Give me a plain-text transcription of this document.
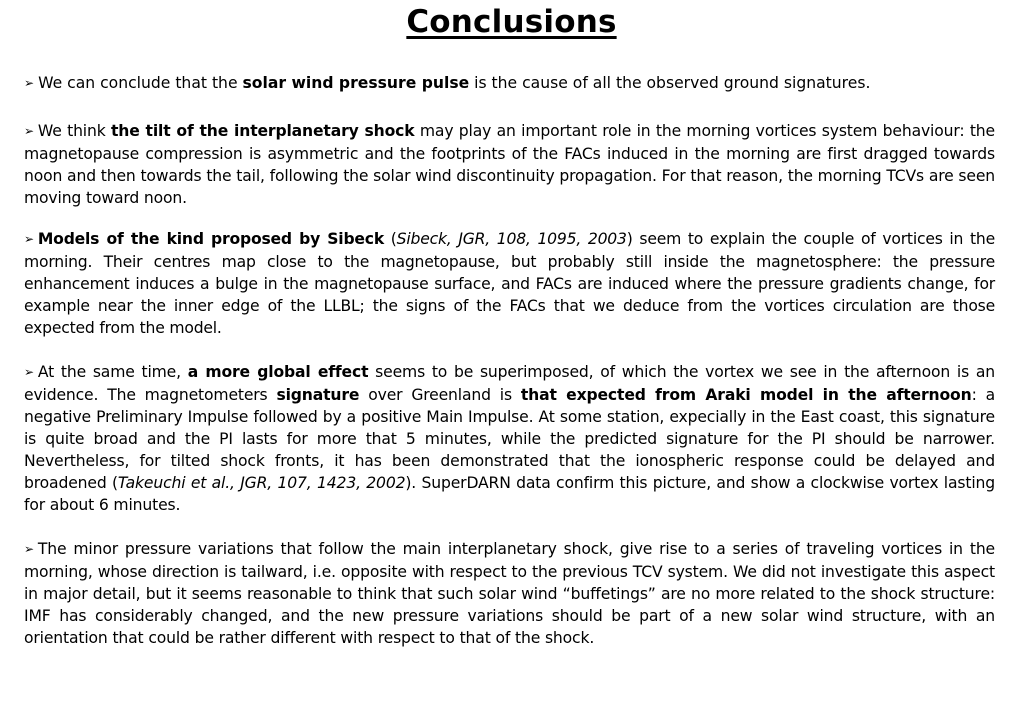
Conclusions

➢ We can conclude that the solar wind pressure pulse is the cause of all the observed ground signatures.

➢ We think the tilt of the interplanetary shock may play an important role in the morning vortices system behaviour: the magnetopause compression is asymmetric and the footprints of the FACs induced in the morning are first dragged towards noon and then towards the tail, following the solar wind discontinuity propagation. For that reason, the morning TCVs are seen moving toward noon.

➢ Models of the kind proposed by Sibeck (Sibeck, JGR, 108, 1095, 2003) seem to explain the couple of vortices in the morning. Their centres map close to the magnetopause, but probably still inside the magnetosphere: the pressure enhancement induces a bulge in the magnetopause surface, and FACs are induced where the pressure gradients change, for example near the inner edge of the LLBL; the signs of the FACs that we deduce from the vortices circulation are those expected from the model.

➢ At the same time, a more global effect seems to be superimposed, of which the vortex we see in the afternoon is an evidence. The magnetometers signature over Greenland is that expected from Araki model in the afternoon: a negative Preliminary Impulse followed by a positive Main Impulse. At some station, expecially in the East coast, this signature is quite broad and the PI lasts for more that 5 minutes, while the predicted signature for the PI should be narrower. Nevertheless, for tilted shock fronts, it has been demonstrated that the ionospheric response could be delayed and broadened (Takeuchi et al., JGR, 107, 1423, 2002). SuperDARN data confirm this picture, and show a clockwise vortex lasting for about 6 minutes.

➢ The minor pressure variations that follow the main interplanetary shock, give rise to a series of traveling vortices in the morning, whose direction is tailward, i.e. opposite with respect to the previous TCV system. We did not investigate this aspect in major detail, but it seems reasonable to think that such solar wind “buffetings” are no more related to the shock structure: IMF has considerably changed, and the new pressure variations should be part of a new solar wind structure, with an orientation that could be rather different with respect to that of the shock.
